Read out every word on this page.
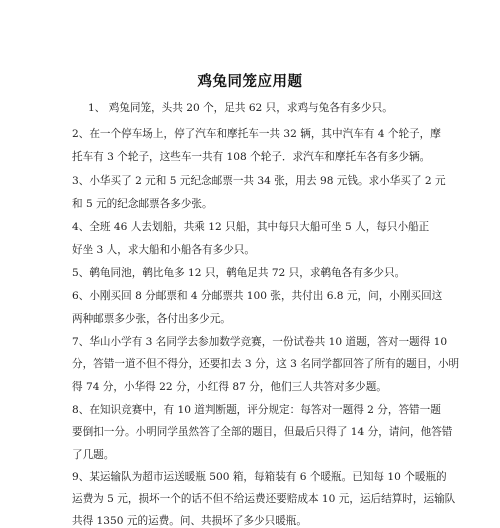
鸡兔同笼应用题
1、 鸡兔同笼，头共 20 个，足共 62 只，求鸡与兔各有多少只。
2、在一个停车场上，停了汽车和摩托车一共 32 辆，其中汽车有 4 个轮子，摩
托车有 3 个轮子，这些车一共有 108 个轮子．求汽车和摩托车各有多少辆。
3、小华买了 2 元和 5 元纪念邮票一共 34 张，用去 98 元钱。求小华买了 2 元
和 5 元的纪念邮票各多少张。
4、全班 46 人去划船，共乘 12 只船，其中每只大船可坐 5 人，每只小船正
好坐 3 人，求大船和小船各有多少只。
5、鹌龟同池，鹌比龟多 12 只，鹌龟足共 72 只，求鹌龟各有多少只。
6、小刚买回 8 分邮票和 4 分邮票共 100 张，共付出 6.8 元，问，小刚买回这
两种邮票多少张，各付出多少元。
7、华山小学有 3 名同学去参加数学竞赛，一份试卷共 10 道题，答对一题得 10
分，答错一道不但不得分，还要扣去 3 分，这 3 名同学都回答了所有的题目，小明
得 74 分，小华得 22 分，小红得 87 分，他们三人共答对多少题。
8、在知识竞赛中，有 10 道判断题，评分规定：每答对一题得 2 分，答错一题
要倒扣一分。小明同学虽然答了全部的题目，但最后只得了 14 分，请问，他答错
了几题。
9、某运输队为超市运送暖瓶 500 箱，每箱装有 6 个暖瓶。已知每 10 个暖瓶的
运费为 5 元，损坏一个的话不但不给运费还要赔成本 10 元，运后结算时，运输队
共得 1350 元的运费。问、共损坏了多少只暖瓶。
